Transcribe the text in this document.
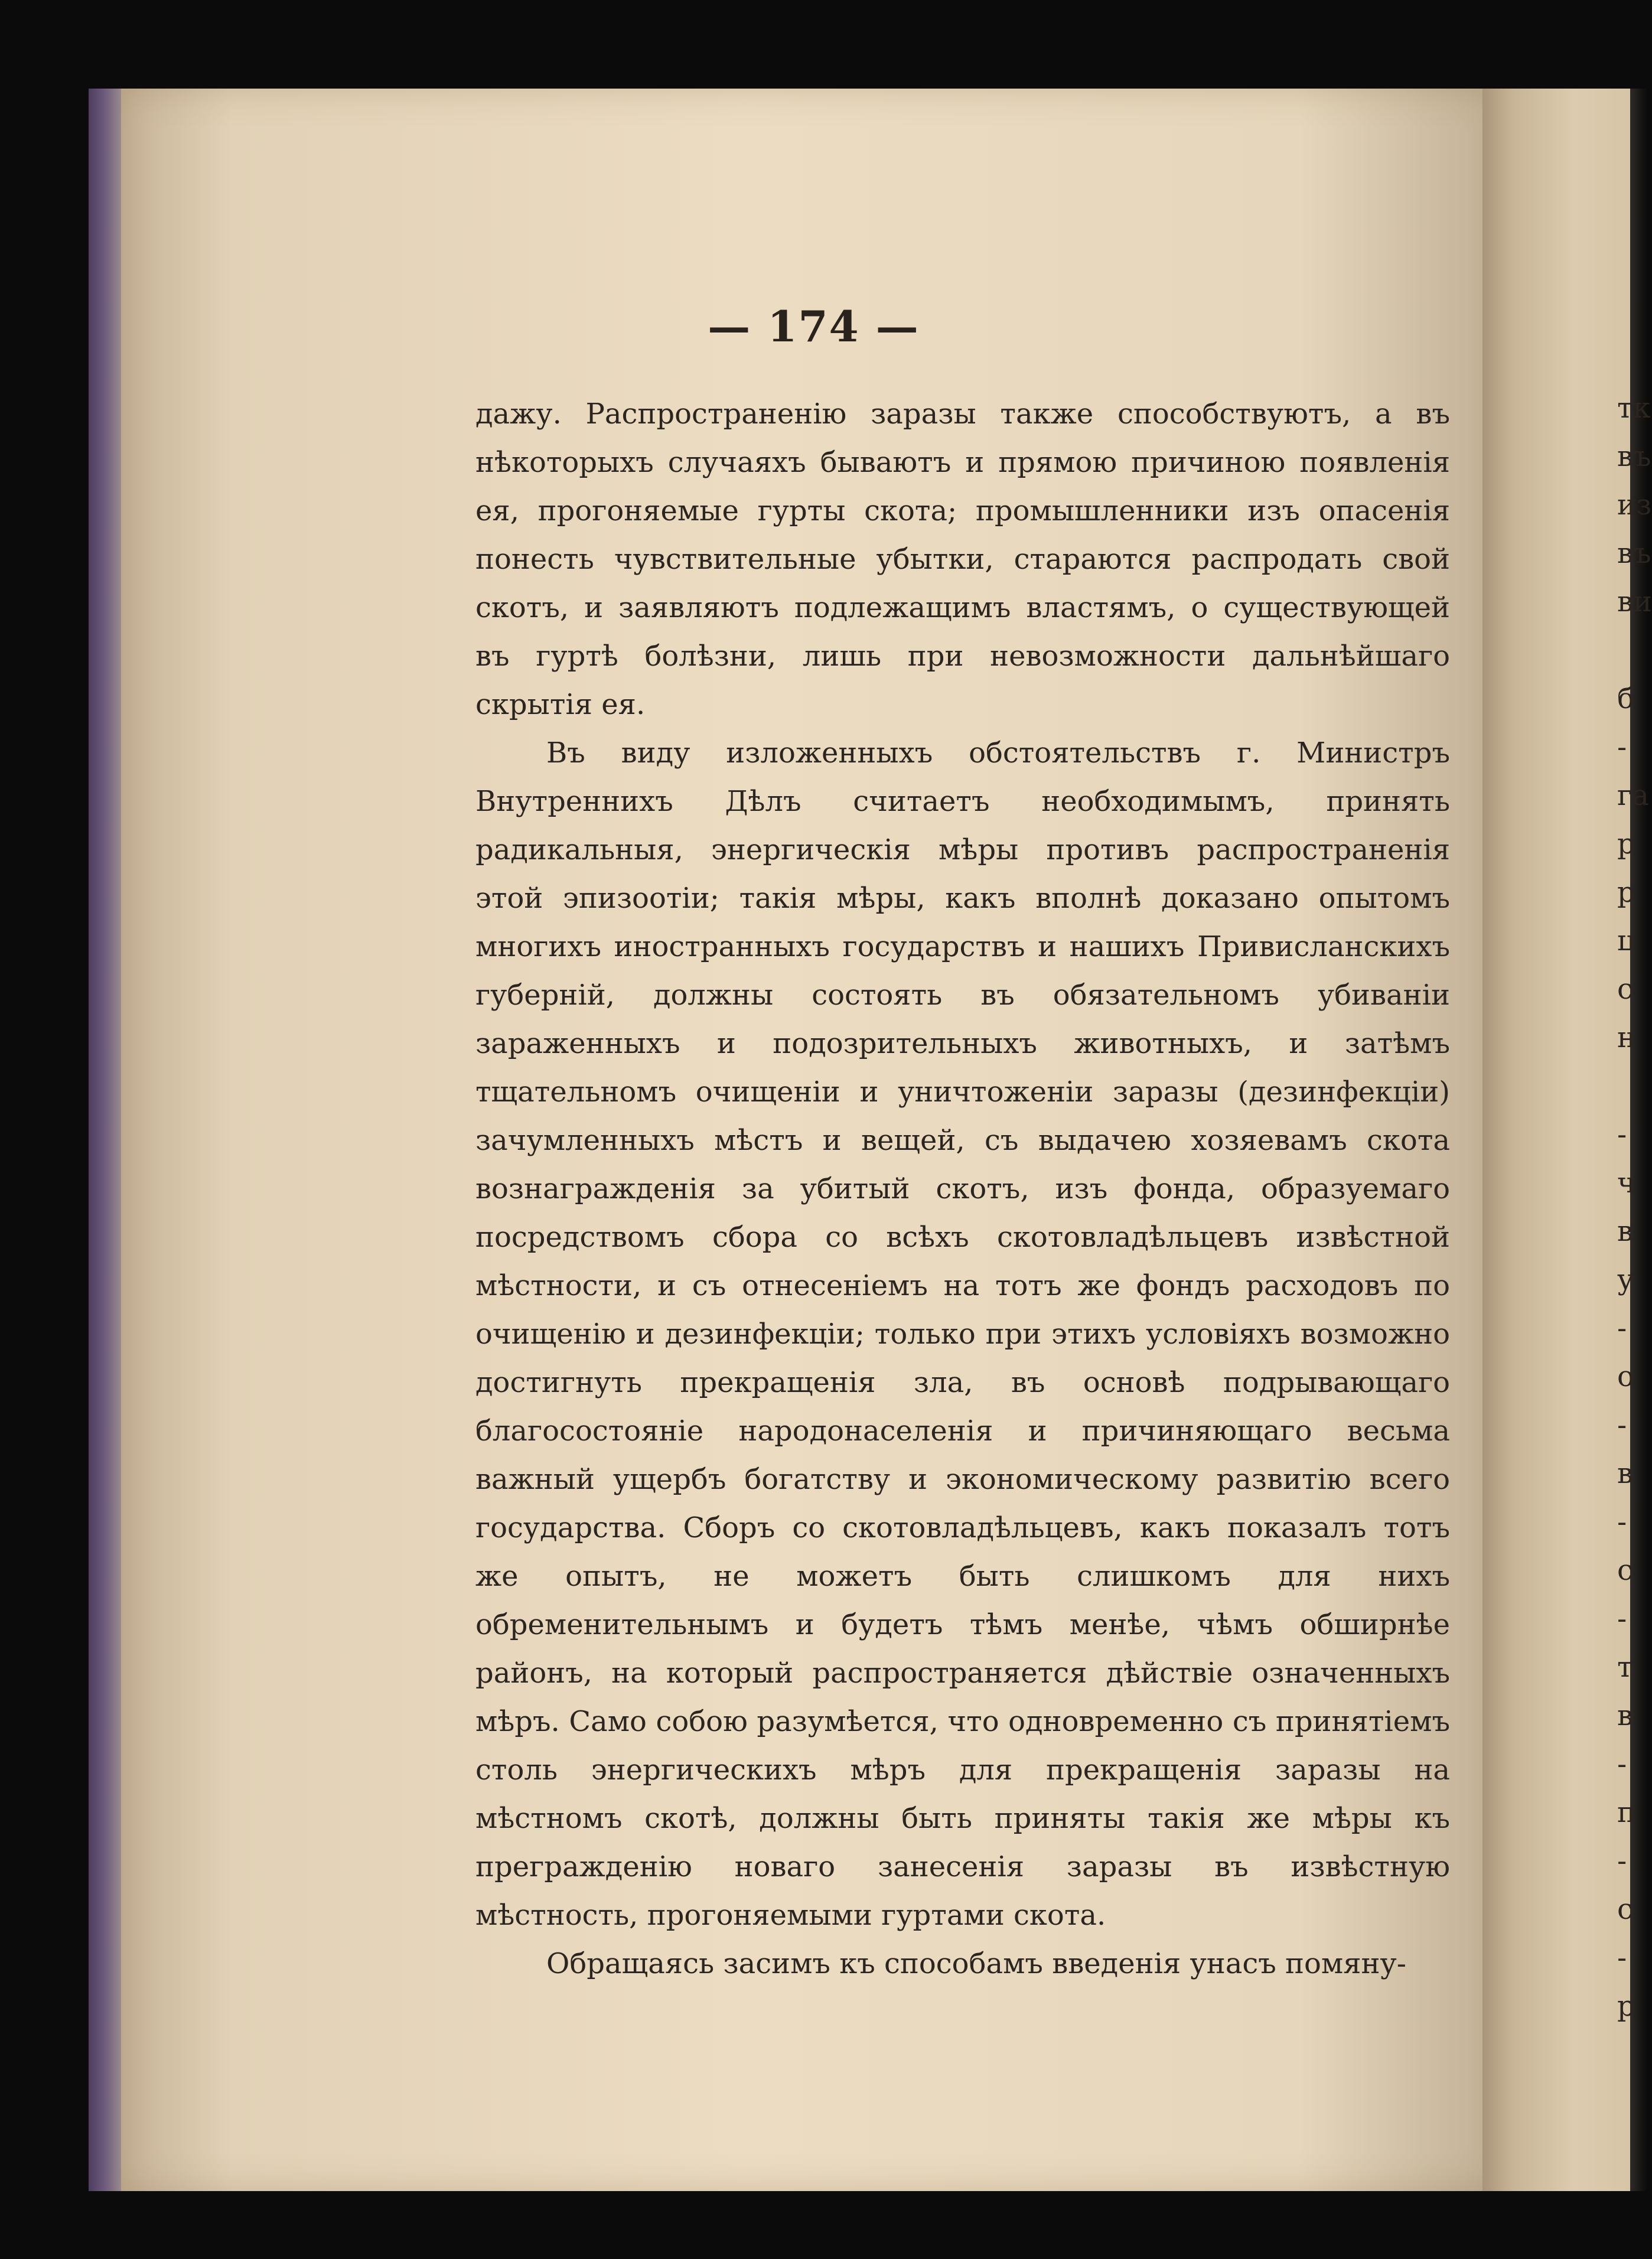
— 174 —

дажу. Распространенію заразы также способствуютъ, а въ нѣкоторыхъ случаяхъ бываютъ и прямою причиною появленія ея, прогоняемые гурты скота; промышленники изъ опасенія понесть чувствительные убытки, стараются распродать свой скотъ, и заявляютъ подлежащимъ властямъ, о существующей въ гуртѣ болѣзни, лишь при невозможности дальнѣйшаго скрытія ея.

Въ виду изложенныхъ обстоятельствъ г. Министръ Внутреннихъ Дѣлъ считаетъ необходимымъ, принять радикальныя, энергическія мѣры противъ распространенія этой эпизоотіи; такія мѣры, какъ вполнѣ доказано опытомъ многихъ иностранныхъ государствъ и нашихъ Привисланскихъ губерній, должны состоять въ обязательномъ убиваніи зараженныхъ и подозрительныхъ животныхъ, и затѣмъ тщательномъ очищеніи и уничтоженіи заразы (дезинфекціи) зачумленныхъ мѣстъ и вещей, съ выдачею хозяевамъ скота вознагражденія за убитый скотъ, изъ фонда, образуемаго посредствомъ сбора со всѣхъ скотовладѣльцевъ извѣстной мѣстности, и съ отнесеніемъ на тотъ же фондъ расходовъ по очищенію и дезинфекціи; только при этихъ условіяхъ возможно достигнуть прекращенія зла, въ основѣ подрывающаго благосостояніе народонаселенія и причиняющаго весьма важный ущербъ богатству и экономическому развитію всего государства. Сборъ со скотовладѣльцевъ, какъ показалъ тотъ же опытъ, не можетъ быть слишкомъ для нихъ обременительнымъ и будетъ тѣмъ менѣе, чѣмъ обширнѣе районъ, на который распространяется дѣйствіе означенныхъ мѣръ. Само собою разумѣется, что одновременно съ принятіемъ столь энергическихъ мѣръ для прекращенія заразы на мѣстномъ скотѣ, должны быть приняты такія же мѣры къ прегражденію новаго занесенія заразы въ извѣстную мѣстность, прогоняемыми гуртами скота.

Обращаясь засимъ къ способамъ введенія унасъ помяну-

тк
въ
из
въ
ви

б
-
га
р
р
ц
с
н

-
ч
в
у
-
о
-
в
-
с
-
т
в
-
п
-
с
-
р
